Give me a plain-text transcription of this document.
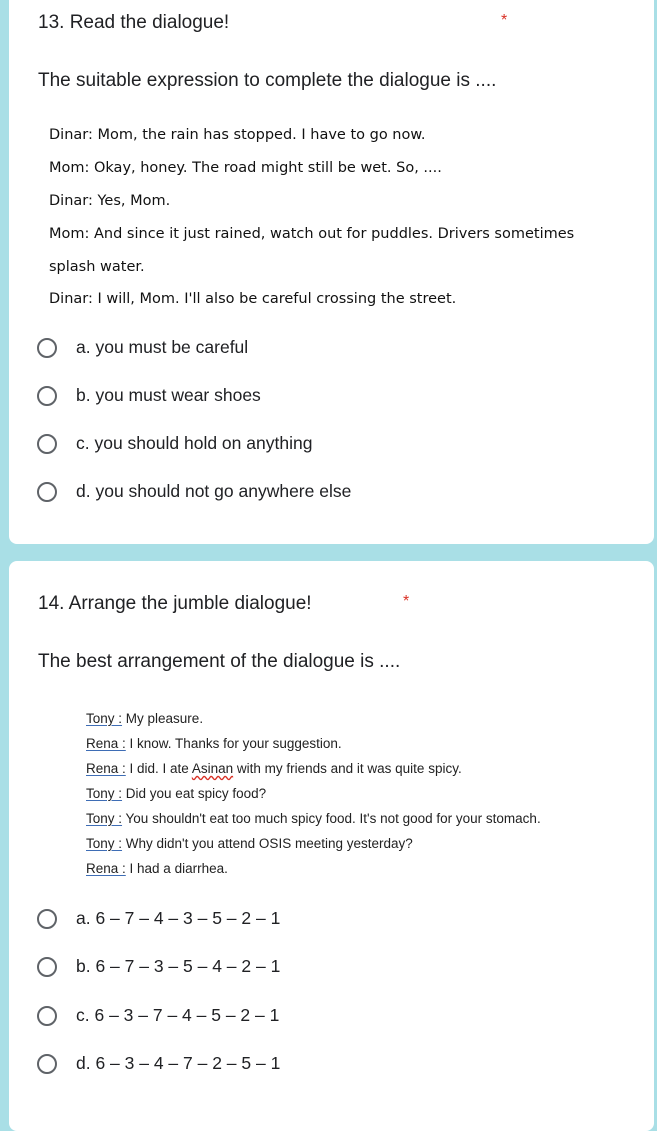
13. Read the dialogue!	*
The suitable expression to complete the dialogue is ....
Dinar: Mom, the rain has stopped. I have to go now.
Mom: Okay, honey. The road might still be wet. So, ....
Dinar: Yes, Mom.
Mom: And since it just rained, watch out for puddles. Drivers sometimes
splash water.
Dinar: I will, Mom. I'll also be careful crossing the street.
a. you must be careful
b. you must wear shoes
c. you should hold on anything
d. you should not go anywhere else
14. Arrange the jumble dialogue!	*
The best arrangement of the dialogue is ....
Tony : My pleasure.
Rena : I know. Thanks for your suggestion.
Rena : I did. I ate Asinan with my friends and it was quite spicy.
Tony : Did you eat spicy food?
Tony : You shouldn't eat too much spicy food. It's not good for your stomach.
Tony : Why didn't you attend OSIS meeting yesterday?
Rena : I had a diarrhea.
a. 6 – 7 – 4 – 3 – 5 – 2 – 1
b. 6 – 7 – 3 – 5 – 4 – 2 – 1
c. 6 – 3 – 7 – 4 – 5 – 2 – 1
d. 6 – 3 – 4 – 7 – 2 – 5 – 1
